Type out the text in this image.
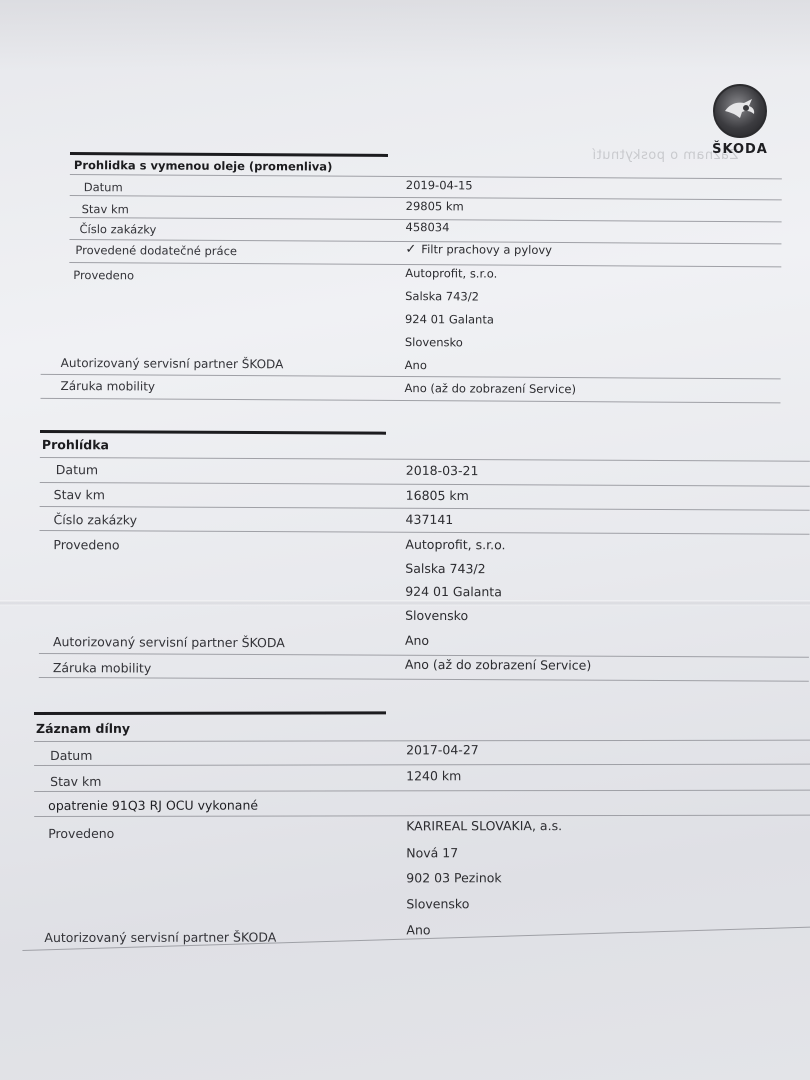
Záznam o poskytnutí
ŠKODA
Prohlidka s vymenou oleje (promenliva)
Datum	2019-04-15
Stav km	29805 km
Číslo zakázky	458034
Provedené dodatečné práce	✓ Filtr prachovy a pylovy
Provedeno	Autoprofit, s.r.o.
Salska 743/2
924 01 Galanta
Slovensko
Autorizovaný servisní partner ŠKODA	Ano
Záruka mobility	Ano (až do zobrazení Service)
Prohlídka
Datum	2018-03-21
Stav km	16805 km
Číslo zakázky	437141
Provedeno	Autoprofit, s.r.o.
Salska 743/2
924 01 Galanta
Slovensko
Autorizovaný servisní partner ŠKODA	Ano
Záruka mobility	Ano (až do zobrazení Service)
Záznam dílny
Datum	2017-04-27
Stav km	1240 km
opatrenie 91Q3 RJ OCU vykonané
Provedeno
KARIREAL SLOVAKIA, a.s.
Nová 17
902 03 Pezinok
Slovensko
Autorizovaný servisní partner ŠKODA	Ano
